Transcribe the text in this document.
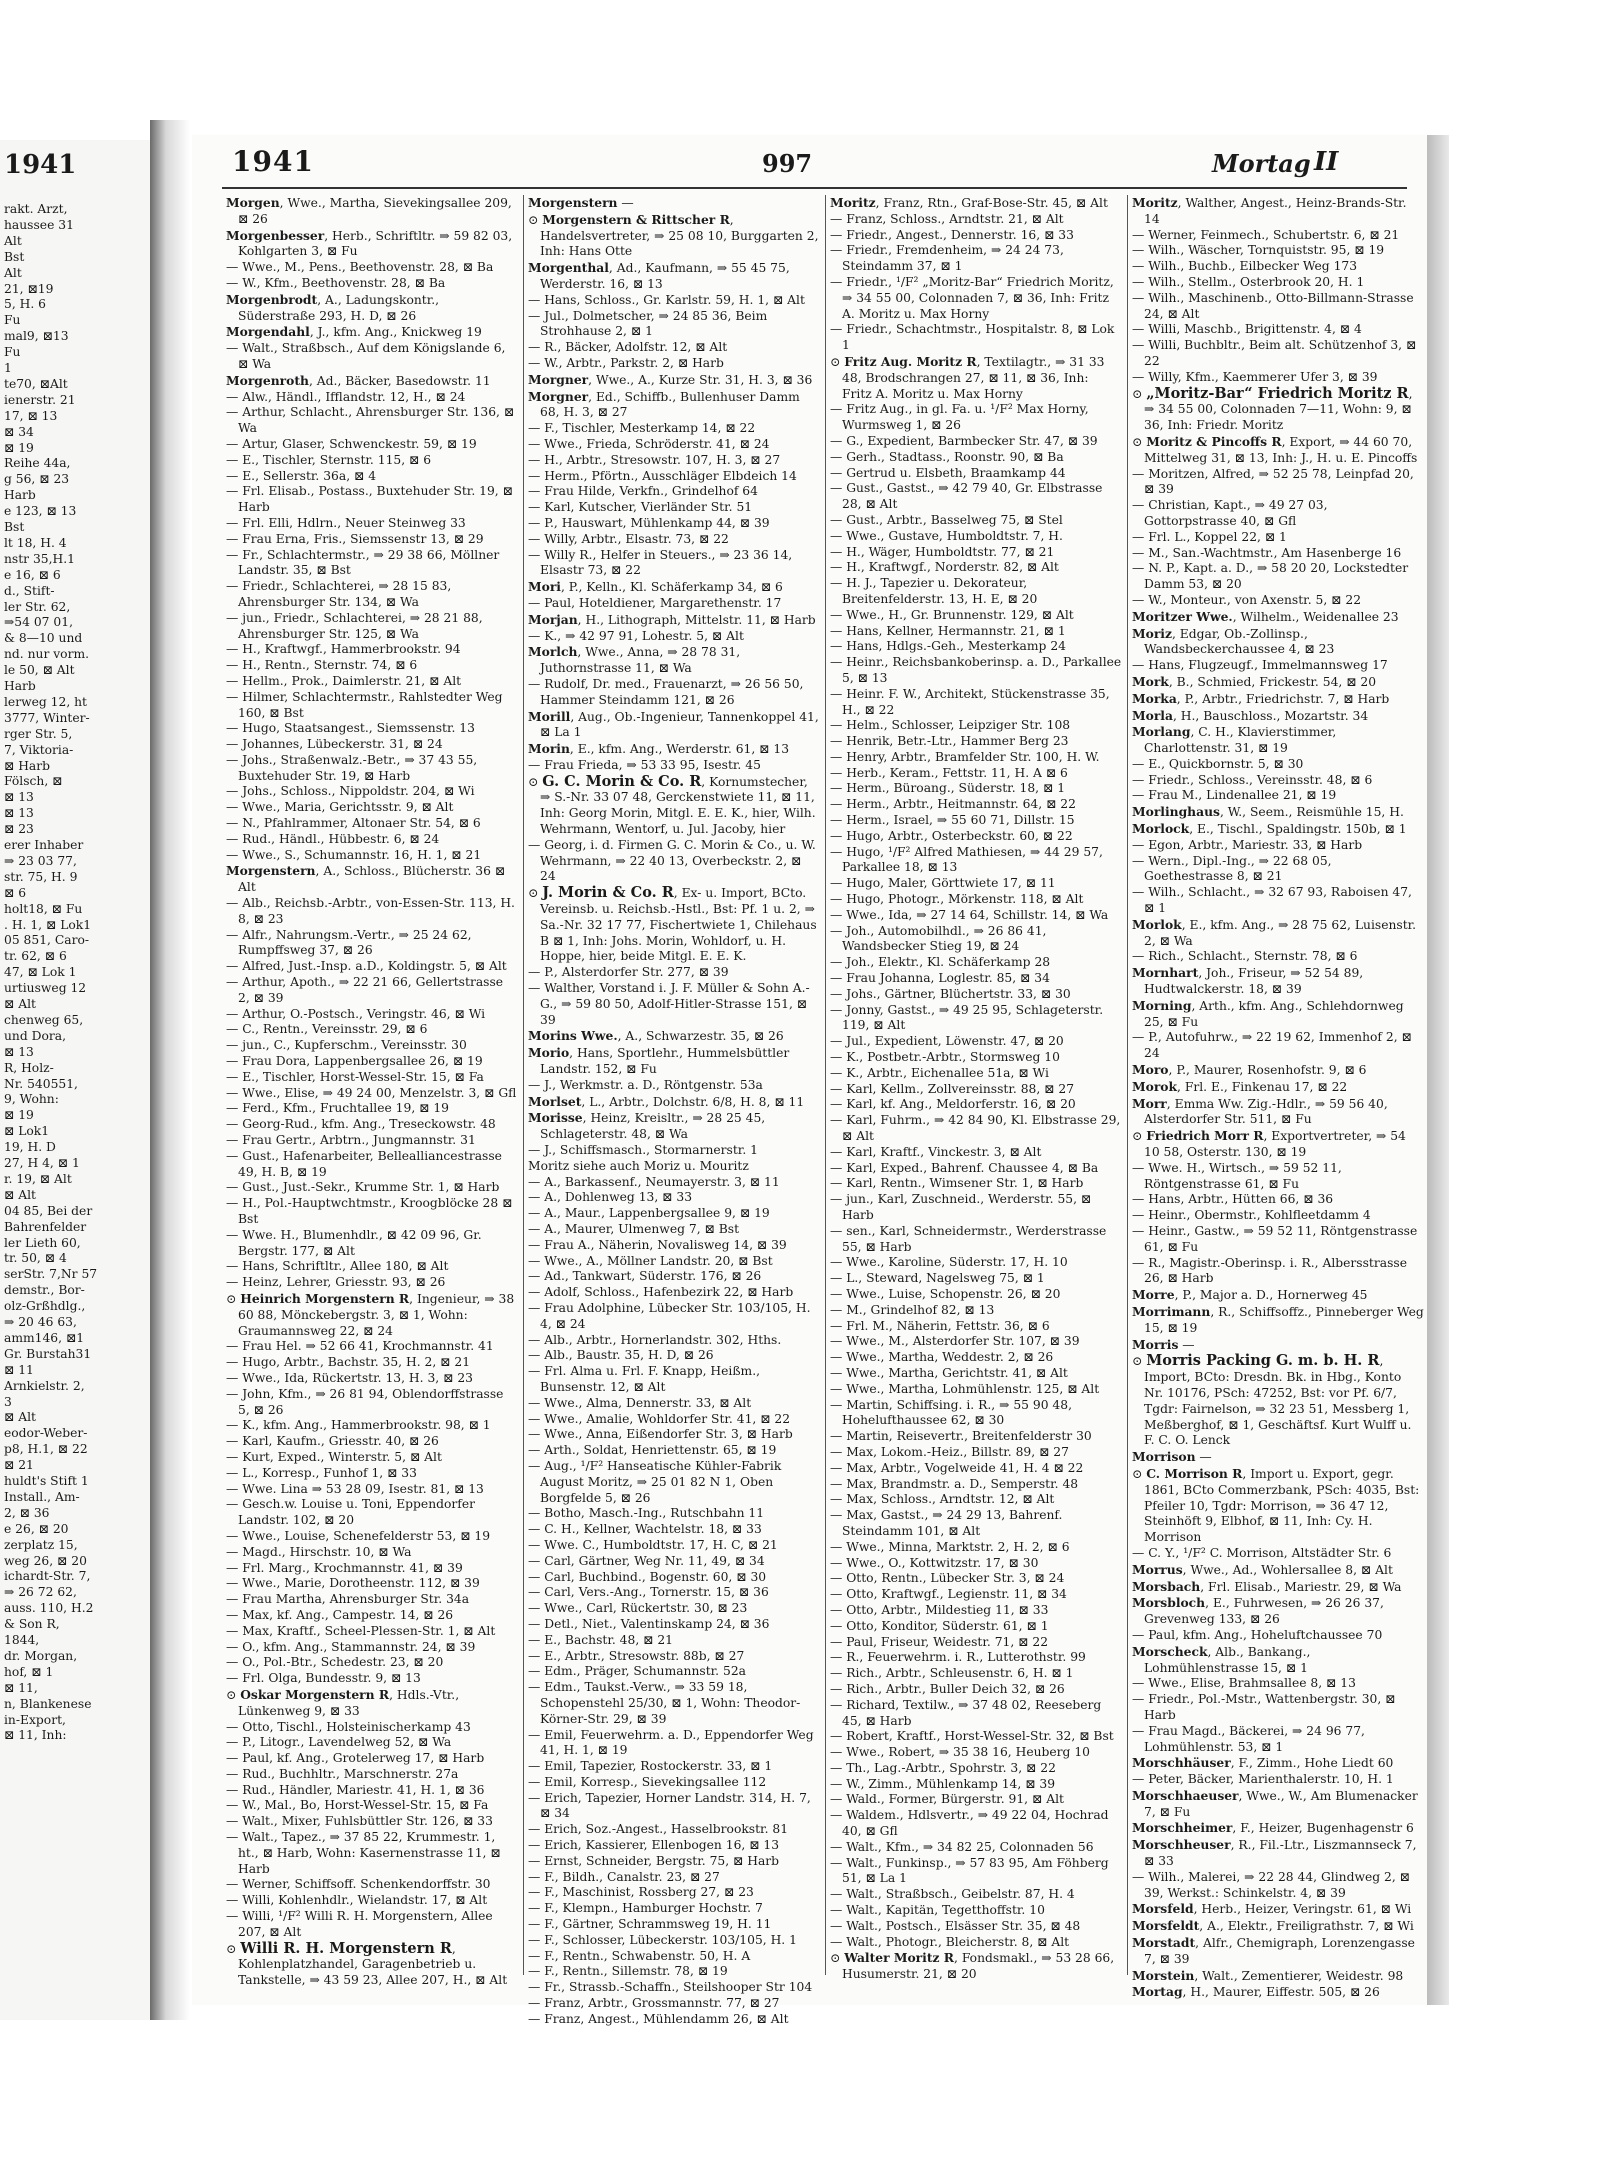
1941
rakt. Arzt,
haussee 31
Alt
Bst
Alt
21, ⊠19
5, H. 6
Fu
mal9, ⊠13
Fu
1
te70, ⊠Alt
ienerstr. 21
17, ⊠ 13
⊠ 34
⊠ 19
Reihe 44a,
g 56, ⊠ 23
Harb
e 123, ⊠ 13
Bst
lt 18, H. 4
nstr 35,H.1
e 16, ⊠ 6
d., Stift-
ler Str. 62,
⇒54 07 01,
& 8—10 und
nd. nur vorm.
le 50, ⊠ Alt
Harb
lerweg 12, ht
3777, Winter-
rger Str. 5,
7, Viktoria-
⊠ Harb
Fölsch, ⊠
⊠ 13
⊠ 13
⊠ 23
erer Inhaber
⇒ 23 03 77,
str. 75, H. 9
⊠ 6
holt18, ⊠ Fu
. H. 1, ⊠ Lok1
05 851, Caro-
tr. 62, ⊠ 6
47, ⊠ Lok 1
urtiusweg 12
⊠ Alt
chenweg 65,
und Dora,
⊠ 13
R, Holz-
Nr. 540551,
9, Wohn:
⊠ 19
⊠ Lok1
19, H. D
27, H 4, ⊠ 1
r. 19, ⊠ Alt
⊠ Alt
04 85, Bei der
Bahrenfelder
ler Lieth 60,
tr. 50, ⊠ 4
serStr. 7,Nr 57
demstr., Bor-
olz-Grßhdlg.,
⇒ 20 46 63,
amm146, ⊠1
Gr. Burstah31
⊠ 11
Arnkielstr. 2,
3
⊠ Alt
eodor-Weber-
p8, H.1, ⊠ 22
⊠ 21
huldt's Stift 1
Install., Am-
2, ⊠ 36
e 26, ⊠ 20
zerplatz 15,
weg 26, ⊠ 20
ichardt-Str. 7,
⇒ 26 72 62,
auss. 110, H.2
& Son R,
1844,
dr. Morgan,
hof, ⊠ 1
⊠ 11,
n, Blankenese
in-Export,
⊠ 11, Inh:
1941	997	Mortag II

Morgen, Wwe., Martha, Sievekingsallee 209, ⊠ 26

Morgenbesser, Herb., Schriftltr. ⇒ 59 82 03, Kohlgarten 3, ⊠ Fu

— Wwe., M., Pens., Beethovenstr. 28, ⊠ Ba

— W., Kfm., Beethovenstr. 28, ⊠ Ba

Morgenbrodt, A., Ladungskontr., Süderstraße 293, H. D, ⊠ 26

Morgendahl, J., kfm. Ang., Knickweg 19

— Walt., Straßbsch., Auf dem Königslande 6, ⊠ Wa

Morgenroth, Ad., Bäcker, Basedowstr. 11

— Alw., Händl., Ifflandstr. 12, H., ⊠ 24

— Arthur, Schlacht., Ahrensburger Str. 136, ⊠ Wa

— Artur, Glaser, Schwenckestr. 59, ⊠ 19

— E., Tischler, Sternstr. 115, ⊠ 6

— E., Sellerstr. 36a, ⊠ 4

— Frl. Elisab., Postass., Buxtehuder Str. 19, ⊠ Harb

— Frl. Elli, Hdlrn., Neuer Steinweg 33

— Frau Erna, Fris., Siemssenstr 13, ⊠ 29

— Fr., Schlachtermstr., ⇒ 29 38 66, Möllner Landstr. 35, ⊠ Bst

— Friedr., Schlachterei, ⇒ 28 15 83, Ahrensburger Str. 134, ⊠ Wa

— jun., Friedr., Schlachterei, ⇒ 28 21 88, Ahrensburger Str. 125, ⊠ Wa

— H., Kraftwgf., Hammerbrookstr. 94

— H., Rentn., Sternstr. 74, ⊠ 6

— Hellm., Prok., Daimlerstr. 21, ⊠ Alt

— Hilmer, Schlachtermstr., Rahlstedter Weg 160, ⊠ Bst

— Hugo, Staatsangest., Siemssenstr. 13

— Johannes, Lübeckerstr. 31, ⊠ 24

— Johs., Straßenwalz.-Betr., ⇒ 37 43 55, Buxtehuder Str. 19, ⊠ Harb

— Johs., Schloss., Nippoldstr. 204, ⊠ Wi

— Wwe., Maria, Gerichtsstr. 9, ⊠ Alt

— N., Pfahlrammer, Altonaer Str. 54, ⊠ 6

— Rud., Händl., Hübbestr. 6, ⊠ 24

— Wwe., S., Schumannstr. 16, H. 1, ⊠ 21

Morgenstern, A., Schloss., Blücherstr. 36 ⊠ Alt

— Alb., Reichsb.-Arbtr., von-Essen-Str. 113, H. 8, ⊠ 23

— Alfr., Nahrungsm.-Vertr., ⇒ 25 24 62, Rumpffsweg 37, ⊠ 26

— Alfred, Just.-Insp. a.D., Koldingstr. 5, ⊠ Alt

— Arthur, Apoth., ⇒ 22 21 66, Gellertstrasse 2, ⊠ 39

— Arthur, O.-Postsch., Veringstr. 46, ⊠ Wi

— C., Rentn., Vereinsstr. 29, ⊠ 6

— jun., C., Kupferschm., Vereinsstr. 30

— Frau Dora, Lappenbergsallee 26, ⊠ 19

— E., Tischler, Horst-Wessel-Str. 15, ⊠ Fa

— Wwe., Elise, ⇒ 49 24 00, Menzelstr. 3, ⊠ Gfl

— Ferd., Kfm., Fruchtallee 19, ⊠ 19

— Georg-Rud., kfm. Ang., Treseckowstr. 48

— Frau Gertr., Arbtrn., Jungmannstr. 31

— Gust., Hafenarbeiter, Bellealliancestrasse 49, H. B, ⊠ 19

— Gust., Just.-Sekr., Krumme Str. 1, ⊠ Harb

— H., Pol.-Hauptwchtmstr., Kroogblöcke 28 ⊠ Bst

— Wwe. H., Blumenhdlr., ⊠ 42 09 96, Gr. Bergstr. 177, ⊠ Alt

— Hans, Schriftltr., Allee 180, ⊠ Alt

— Heinz, Lehrer, Griesstr. 93, ⊠ 26

⊙ Heinrich Morgenstern R, Ingenieur, ⇒ 38 60 88, Mönckebergstr. 3, ⊠ 1, Wohn: Graumannsweg 22, ⊠ 24

— Frau Hel. ⇒ 52 66 41, Krochmannstr. 41

— Hugo, Arbtr., Bachstr. 35, H. 2, ⊠ 21

— Wwe., Ida, Rückertstr. 13, H. 3, ⊠ 23

— John, Kfm., ⇒ 26 81 94, Oblendorffstrasse 5, ⊠ 26

— K., kfm. Ang., Hammerbrookstr. 98, ⊠ 1

— Karl, Kaufm., Griesstr. 40, ⊠ 26

— Kurt, Exped., Winterstr. 5, ⊠ Alt

— L., Korresp., Funhof 1, ⊠ 33

— Wwe. Lina ⇒ 53 28 09, Isestr. 81, ⊠ 13

— Gesch.w. Louise u. Toni, Eppendorfer Landstr. 102, ⊠ 20

— Wwe., Louise, Schenefelderstr 53, ⊠ 19

— Magd., Hirschstr. 10, ⊠ Wa

— Frl. Marg., Krochmannstr. 41, ⊠ 39

— Wwe., Marie, Dorotheenstr. 112, ⊠ 39

— Frau Martha, Ahrensburger Str. 34a

— Max, kf. Ang., Campestr. 14, ⊠ 26

— Max, Kraftf., Scheel-Plessen-Str. 1, ⊠ Alt

— O., kfm. Ang., Stammannstr. 24, ⊠ 39

— O., Pol.-Btr., Schedestr. 23, ⊠ 20

— Frl. Olga, Bundesstr. 9, ⊠ 13

⊙ Oskar Morgenstern R, Hdls.-Vtr., Lünkenweg 9, ⊠ 33

— Otto, Tischl., Holsteinischerkamp 43

— P., Litogr., Lavendelweg 52, ⊠ Wa

— Paul, kf. Ang., Grotelerweg 17, ⊠ Harb

— Rud., Buchhltr., Marschnerstr. 27a

— Rud., Händler, Mariestr. 41, H. 1, ⊠ 36

— W., Mal., Bo, Horst-Wessel-Str. 15, ⊠ Fa

— Walt., Mixer, Fuhlsbüttler Str. 126, ⊠ 33

— Walt., Tapez., ⇒ 37 85 22, Krummestr. 1, ht., ⊠ Harb, Wohn: Kasernenstrasse 11, ⊠ Harb

— Werner, Schiffsoff. Schenkendorffstr. 30

— Willi, Kohlenhdlr., Wielandstr. 17, ⊠ Alt

— Willi, ¹/F² Willi R. H. Morgenstern, Allee 207, ⊠ Alt

⊙ Willi R. H. Morgenstern R, Kohlenplatzhandel, Garagenbetrieb u. Tankstelle, ⇒ 43 59 23, Allee 207, H., ⊠ Alt

Morgenstern —

⊙ Morgenstern & Rittscher R, Handelsvertreter, ⇒ 25 08 10, Burggarten 2, Inh: Hans Otte

Morgenthal, Ad., Kaufmann, ⇒ 55 45 75, Werderstr. 16, ⊠ 13

— Hans, Schloss., Gr. Karlstr. 59, H. 1, ⊠ Alt

— Jul., Dolmetscher, ⇒ 24 85 36, Beim Strohhause 2, ⊠ 1

— R., Bäcker, Adolfstr. 12, ⊠ Alt

— W., Arbtr., Parkstr. 2, ⊠ Harb

Morgner, Wwe., A., Kurze Str. 31, H. 3, ⊠ 36

Morgner, Ed., Schiffb., Bullenhuser Damm 68, H. 3, ⊠ 27

— F., Tischler, Mesterkamp 14, ⊠ 22

— Wwe., Frieda, Schröderstr. 41, ⊠ 24

— H., Arbtr., Stresowstr. 107, H. 3, ⊠ 27

— Herm., Pförtn., Ausschläger Elbdeich 14

— Frau Hilde, Verkfn., Grindelhof 64

— Karl, Kutscher, Vierländer Str. 51

— P., Hauswart, Mühlenkamp 44, ⊠ 39

— Willy, Arbtr., Elsastr. 73, ⊠ 22

— Willy R., Helfer in Steuers., ⇒ 23 36 14, Elsastr 73, ⊠ 22

Mori, P., Kelln., Kl. Schäferkamp 34, ⊠ 6

— Paul, Hoteldiener, Margarethenstr. 17

Morjan, H., Lithograph, Mittelstr. 11, ⊠ Harb

— K., ⇒ 42 97 91, Lohestr. 5, ⊠ Alt

Morlch, Wwe., Anna, ⇒ 28 78 31, Juthornstrasse 11, ⊠ Wa

— Rudolf, Dr. med., Frauenarzt, ⇒ 26 56 50, Hammer Steindamm 121, ⊠ 26

Morill, Aug., Ob.-Ingenieur, Tannenkoppel 41, ⊠ La 1

Morin, E., kfm. Ang., Werderstr. 61, ⊠ 13

— Frau Frieda, ⇒ 53 33 95, Isestr. 45

⊙ G. C. Morin & Co. R, Kornumstecher, ⇒ S.-Nr. 33 07 48, Gerckenstwiete 11, ⊠ 11, Inh: Georg Morin, Mitgl. E. E. K., hier, Wilh. Wehrmann, Wentorf, u. Jul. Jacoby, hier

— Georg, i. d. Firmen G. C. Morin & Co., u. W. Wehrmann, ⇒ 22 40 13, Overbeckstr. 2, ⊠ 24

⊙ J. Morin & Co. R, Ex- u. Import, BCto. Vereinsb. u. Reichsb.-Hstl., Bst: Pf. 1 u. 2, ⇒ Sa.-Nr. 32 17 77, Fischertwiete 1, Chilehaus B ⊠ 1, Inh: Johs. Morin, Wohldorf, u. H. Hoppe, hier, beide Mitgl. E. E. K.

— P., Alsterdorfer Str. 277, ⊠ 39

— Walther, Vorstand i. J. F. Müller & Sohn A.-G., ⇒ 59 80 50, Adolf-Hitler-Strasse 151, ⊠ 39

Morins Wwe., A., Schwarzestr. 35, ⊠ 26

Morio, Hans, Sportlehr., Hummelsbüttler Landstr. 152, ⊠ Fu

— J., Werkmstr. a. D., Röntgenstr. 53a

Morlset, L., Arbtr., Dolchstr. 6/8, H. 8, ⊠ 11

Morisse, Heinz, Kreisltr., ⇒ 28 25 45, Schlageterstr. 48, ⊠ Wa

— J., Schiffsmasch., Stormarnerstr. 1

Moritz siehe auch Moriz u. Mouritz

— A., Barkassenf., Neumayerstr. 3, ⊠ 11

— A., Dohlenweg 13, ⊠ 33

— A., Maur., Lappenbergsallee 9, ⊠ 19

— A., Maurer, Ulmenweg 7, ⊠ Bst

— Frau A., Näherin, Novalisweg 14, ⊠ 39

— Wwe., A., Möllner Landstr. 20, ⊠ Bst

— Ad., Tankwart, Süderstr. 176, ⊠ 26

— Adolf, Schloss., Hafenbezirk 22, ⊠ Harb

— Frau Adolphine, Lübecker Str. 103/105, H. 4, ⊠ 24

— Alb., Arbtr., Hornerlandstr. 302, Hths.

— Alb., Baustr. 35, H. D, ⊠ 26

— Frl. Alma u. Frl. F. Knapp, Heißm., Bunsenstr. 12, ⊠ Alt

— Wwe., Alma, Dennerstr. 33, ⊠ Alt

— Wwe., Amalie, Wohldorfer Str. 41, ⊠ 22

— Wwe., Anna, Eißendorfer Str. 3, ⊠ Harb

— Arth., Soldat, Henriettenstr. 65, ⊠ 19

— Aug., ¹/F² Hanseatische Kühler-Fabrik August Moritz, ⇒ 25 01 82 N 1, Oben Borgfelde 5, ⊠ 26

— Botho, Masch.-Ing., Rutschbahn 11

— C. H., Kellner, Wachtelstr. 18, ⊠ 33

— Wwe. C., Humboldtstr. 17, H. C, ⊠ 21

— Carl, Gärtner, Weg Nr. 11, 49, ⊠ 34

— Carl, Buchbind., Bogenstr. 60, ⊠ 30

— Carl, Vers.-Ang., Tornerstr. 15, ⊠ 36

— Wwe., Carl, Rückertstr. 30, ⊠ 23

— Detl., Niet., Valentinskamp 24, ⊠ 36

— E., Bachstr. 48, ⊠ 21

— E., Arbtr., Stresowstr. 88b, ⊠ 27

— Edm., Präger, Schumannstr. 52a

— Edm., Taukst.-Verw., ⇒ 33 59 18, Schopenstehl 25/30, ⊠ 1, Wohn: Theodor-Körner-Str. 29, ⊠ 39

— Emil, Feuerwehrm. a. D., Eppendorfer Weg 41, H. 1, ⊠ 19

— Emil, Tapezier, Rostockerstr. 33, ⊠ 1

— Emil, Korresp., Sievekingsallee 112

— Erich, Tapezier, Horner Landstr. 314, H. 7, ⊠ 34

— Erich, Soz.-Angest., Hasselbrookstr. 81

— Erich, Kassierer, Ellenbogen 16, ⊠ 13

— Ernst, Schneider, Bergstr. 75, ⊠ Harb

— F., Bildh., Canalstr. 23, ⊠ 27

— F., Maschinist, Rossberg 27, ⊠ 23

— F., Klempn., Hamburger Hochstr. 7

— F., Gärtner, Schrammsweg 19, H. 11

— F., Schlosser, Lübeckerstr. 103/105, H. 1

— F., Rentn., Schwabenstr. 50, H. A

— F., Rentn., Sillemstr. 78, ⊠ 19

— Fr., Strassb.-Schaffn., Steilshooper Str 104

— Franz, Arbtr., Grossmannstr. 77, ⊠ 27

— Franz, Angest., Mühlendamm 26, ⊠ Alt

Moritz, Franz, Rtn., Graf-Bose-Str. 45, ⊠ Alt

— Franz, Schloss., Arndtstr. 21, ⊠ Alt

— Friedr., Angest., Dennerstr. 16, ⊠ 33

— Friedr., Fremdenheim, ⇒ 24 24 73, Steindamm 37, ⊠ 1

— Friedr., ¹/F² „Moritz-Bar“ Friedrich Moritz, ⇒ 34 55 00, Colonnaden 7, ⊠ 36, Inh: Fritz A. Moritz u. Max Horny

— Friedr., Schachtmstr., Hospitalstr. 8, ⊠ Lok 1

⊙ Fritz Aug. Moritz R, Textilagtr., ⇒ 31 33 48, Brodschrangen 27, ⊠ 11, ⊠ 36, Inh: Fritz A. Moritz u. Max Horny

— Fritz Aug., in gl. Fa. u. ¹/F² Max Horny, Wurmsweg 1, ⊠ 26

— G., Expedient, Barmbecker Str. 47, ⊠ 39

— Gerh., Stadtass., Roonstr. 90, ⊠ Ba

— Gertrud u. Elsbeth, Braamkamp 44

— Gust., Gastst., ⇒ 42 79 40, Gr. Elbstrasse 28, ⊠ Alt

— Gust., Arbtr., Basselweg 75, ⊠ Stel

— Wwe., Gustave, Humboldtstr. 7, H.

— H., Wäger, Humboldtstr. 77, ⊠ 21

— H., Kraftwgf., Norderstr. 82, ⊠ Alt

— H. J., Tapezier u. Dekorateur, Breitenfelderstr. 13, H. E, ⊠ 20

— Wwe., H., Gr. Brunnenstr. 129, ⊠ Alt

— Hans, Kellner, Hermannstr. 21, ⊠ 1

— Hans, Hdlgs.-Geh., Mesterkamp 24

— Heinr., Reichsbankoberinsp. a. D., Parkallee 5, ⊠ 13

— Heinr. F. W., Architekt, Stückenstrasse 35, H., ⊠ 22

— Helm., Schlosser, Leipziger Str. 108

— Henrik, Betr.-Ltr., Hammer Berg 23

— Henry, Arbtr., Bramfelder Str. 100, H. W.

— Herb., Keram., Fettstr. 11, H. A ⊠ 6

— Herm., Büroang., Süderstr. 18, ⊠ 1

— Herm., Arbtr., Heitmannstr. 64, ⊠ 22

— Herm., Israel, ⇒ 55 60 71, Dillstr. 15

— Hugo, Arbtr., Osterbeckstr. 60, ⊠ 22

— Hugo, ¹/F² Alfred Mathiesen, ⇒ 44 29 57, Parkallee 18, ⊠ 13

— Hugo, Maler, Görttwiete 17, ⊠ 11

— Hugo, Photogr., Mörkenstr. 118, ⊠ Alt

— Wwe., Ida, ⇒ 27 14 64, Schillstr. 14, ⊠ Wa

— Joh., Automobilhdl., ⇒ 26 86 41, Wandsbecker Stieg 19, ⊠ 24

— Joh., Elektr., Kl. Schäferkamp 28

— Frau Johanna, Loglestr. 85, ⊠ 34

— Johs., Gärtner, Blüchertstr. 33, ⊠ 30

— Jonny, Gastst., ⇒ 49 25 95, Schlageterstr. 119, ⊠ Alt

— Jul., Expedient, Löwenstr. 47, ⊠ 20

— K., Postbetr.-Arbtr., Stormsweg 10

— K., Arbtr., Eichenallee 51a, ⊠ Wi

— Karl, Kellm., Zollvereinsstr. 88, ⊠ 27

— Karl, kf. Ang., Meldorferstr. 16, ⊠ 20

— Karl, Fuhrm., ⇒ 42 84 90, Kl. Elbstrasse 29, ⊠ Alt

— Karl, Kraftf., Vinckestr. 3, ⊠ Alt

— Karl, Exped., Bahrenf. Chaussee 4, ⊠ Ba

— Karl, Rentn., Wimsener Str. 1, ⊠ Harb

— jun., Karl, Zuschneid., Werderstr. 55, ⊠ Harb

— sen., Karl, Schneidermstr., Werderstrasse 55, ⊠ Harb

— Wwe., Karoline, Süderstr. 17, H. 10

— L., Steward, Nagelsweg 75, ⊠ 1

— Wwe., Luise, Schopenstr. 26, ⊠ 20

— M., Grindelhof 82, ⊠ 13

— Frl. M., Näherin, Fettstr. 36, ⊠ 6

— Wwe., M., Alsterdorfer Str. 107, ⊠ 39

— Wwe., Martha, Weddestr. 2, ⊠ 26

— Wwe., Martha, Gerichtstr. 41, ⊠ Alt

— Wwe., Martha, Lohmühlenstr. 125, ⊠ Alt

— Martin, Schiffsing. i. R., ⇒ 55 90 48, Hohelufthaussee 62, ⊠ 30

— Martin, Reisevertr., Breitenfelderstr 30

— Max, Lokom.-Heiz., Billstr. 89, ⊠ 27

— Max, Arbtr., Vogelweide 41, H. 4 ⊠ 22

— Max, Brandmstr. a. D., Semperstr. 48

— Max, Schloss., Arndtstr. 12, ⊠ Alt

— Max, Gastst., ⇒ 24 29 13, Bahrenf. Steindamm 101, ⊠ Alt

— Wwe., Minna, Marktstr. 2, H. 2, ⊠ 6

— Wwe., O., Kottwitzstr. 17, ⊠ 30

— Otto, Rentn., Lübecker Str. 3, ⊠ 24

— Otto, Kraftwgf., Legienstr. 11, ⊠ 34

— Otto, Arbtr., Mildestieg 11, ⊠ 33

— Otto, Konditor, Süderstr. 61, ⊠ 1

— Paul, Friseur, Weidestr. 71, ⊠ 22

— R., Feuerwehrm. i. R., Lutterothstr. 99

— Rich., Arbtr., Schleusenstr. 6, H. ⊠ 1

— Rich., Arbtr., Buller Deich 32, ⊠ 26

— Richard, Textilw., ⇒ 37 48 02, Reeseberg 45, ⊠ Harb

— Robert, Kraftf., Horst-Wessel-Str. 32, ⊠ Bst

— Wwe., Robert, ⇒ 35 38 16, Heuberg 10

— Th., Lag.-Arbtr., Spohrstr. 3, ⊠ 22

— W., Zimm., Mühlenkamp 14, ⊠ 39

— Wald., Former, Bürgerstr. 91, ⊠ Alt

— Waldem., Hdlsvertr., ⇒ 49 22 04, Hochrad 40, ⊠ Gfl

— Walt., Kfm., ⇒ 34 82 25, Colonnaden 56

— Walt., Funkinsp., ⇒ 57 83 95, Am Föhberg 51, ⊠ La 1

— Walt., Straßbsch., Geibelstr. 87, H. 4

— Walt., Kapitän, Tegetthoffstr. 10

— Walt., Postsch., Elsässer Str. 35, ⊠ 48

— Walt., Photogr., Bleicherstr. 8, ⊠ Alt

⊙ Walter Moritz R, Fondsmakl., ⇒ 53 28 66, Husumerstr. 21, ⊠ 20

Moritz, Walther, Angest., Heinz-Brands-Str. 14

— Werner, Feinmech., Schubertstr. 6, ⊠ 21

— Wilh., Wäscher, Tornquiststr. 95, ⊠ 19

— Wilh., Buchb., Eilbecker Weg 173

— Wilh., Stellm., Osterbrook 20, H. 1

— Wilh., Maschinenb., Otto-Billmann-Strasse 24, ⊠ Alt

— Willi, Maschb., Brigittenstr. 4, ⊠ 4

— Willi, Buchbltr., Beim alt. Schützenhof 3, ⊠ 22

— Willy, Kfm., Kaemmerer Ufer 3, ⊠ 39

⊙ „Moritz-Bar“ Friedrich Moritz R, ⇒ 34 55 00, Colonnaden 7—11, Wohn: 9, ⊠ 36, Inh: Friedr. Moritz

⊙ Moritz & Pincoffs R, Export, ⇒ 44 60 70, Mittelweg 31, ⊠ 13, Inh: J., H. u. E. Pincoffs

— Moritzen, Alfred, ⇒ 52 25 78, Leinpfad 20, ⊠ 39

— Christian, Kapt., ⇒ 49 27 03, Gottorpstrasse 40, ⊠ Gfl

— Frl. L., Koppel 22, ⊠ 1

— M., San.-Wachtmstr., Am Hasenberge 16

— N. P., Kapt. a. D., ⇒ 58 20 20, Lockstedter Damm 53, ⊠ 20

— W., Monteur., von Axenstr. 5, ⊠ 22

Moritzer Wwe., Wilhelm., Weidenallee 23

Moriz, Edgar, Ob.-Zollinsp., Wandsbeckerchaussee 4, ⊠ 23

— Hans, Flugzeugf., Immelmannsweg 17

Mork, B., Schmied, Frickestr. 54, ⊠ 20

Morka, P., Arbtr., Friedrichstr. 7, ⊠ Harb

Morla, H., Bauschloss., Mozartstr. 34

Morlang, C. H., Klavierstimmer, Charlottenstr. 31, ⊠ 19

— E., Quickbornstr. 5, ⊠ 30

— Friedr., Schloss., Vereinsstr. 48, ⊠ 6

— Frau M., Lindenallee 21, ⊠ 19

Morlinghaus, W., Seem., Reismühle 15, H.

Morlock, E., Tischl., Spaldingstr. 150b, ⊠ 1

— Egon, Arbtr., Mariestr. 33, ⊠ Harb

— Wern., Dipl.-Ing., ⇒ 22 68 05, Goethestrasse 8, ⊠ 21

— Wilh., Schlacht., ⇒ 32 67 93, Raboisen 47, ⊠ 1

Morlok, E., kfm. Ang., ⇒ 28 75 62, Luisenstr. 2, ⊠ Wa

— Rich., Schlacht., Sternstr. 78, ⊠ 6

Mornhart, Joh., Friseur, ⇒ 52 54 89, Hudtwalckerstr. 18, ⊠ 39

Morning, Arth., kfm. Ang., Schlehdornweg 25, ⊠ Fu

— P., Autofuhrw., ⇒ 22 19 62, Immenhof 2, ⊠ 24

Moro, P., Maurer, Rosenhofstr. 9, ⊠ 6

Morok, Frl. E., Finkenau 17, ⊠ 22

Morr, Emma Ww. Zig.-Hdlr., ⇒ 59 56 40, Alsterdorfer Str. 511, ⊠ Fu

⊙ Friedrich Morr R, Exportvertreter, ⇒ 54 10 58, Osterstr. 130, ⊠ 19

— Wwe. H., Wirtsch., ⇒ 59 52 11, Röntgenstrasse 61, ⊠ Fu

— Hans, Arbtr., Hütten 66, ⊠ 36

— Heinr., Obermstr., Kohlfleetdamm 4

— Heinr., Gastw., ⇒ 59 52 11, Röntgenstrasse 61, ⊠ Fu

— R., Magistr.-Oberinsp. i. R., Albersstrasse 26, ⊠ Harb

Morre, P., Major a. D., Hornerweg 45

Morrimann, R., Schiffsoffz., Pinneberger Weg 15, ⊠ 19

Morris —

⊙ Morris Packing G. m. b. H. R, Import, BCto: Dresdn. Bk. in Hbg., Konto Nr. 10176, PSch: 47252, Bst: vor Pf. 6/7, Tgdr: Fairnelson, ⇒ 32 23 51, Messberg 1, Meßberghof, ⊠ 1, Geschäftsf. Kurt Wulff u. F. C. O. Lenck

Morrison —

⊙ C. Morrison R, Import u. Export, gegr. 1861, BCto Commerzbank, PSch: 4035, Bst: Pfeiler 10, Tgdr: Morrison, ⇒ 36 47 12, Steinhöft 9, Elbhof, ⊠ 11, Inh: Cy. H. Morrison

— C. Y., ¹/F² C. Morrison, Altstädter Str. 6

Morrus, Wwe., Ad., Wohlersallee 8, ⊠ Alt

Morsbach, Frl. Elisab., Mariestr. 29, ⊠ Wa

Morsbloch, E., Fuhrwesen, ⇒ 26 26 37, Grevenweg 133, ⊠ 26

— Paul, kfm. Ang., Hoheluftchaussee 70

Morscheck, Alb., Bankang., Lohmühlenstrasse 15, ⊠ 1

— Wwe., Elise, Brahmsallee 8, ⊠ 13

— Friedr., Pol.-Mstr., Wattenbergstr. 30, ⊠ Harb

— Frau Magd., Bäckerei, ⇒ 24 96 77, Lohmühlenstr. 53, ⊠ 1

Morschhäuser, F., Zimm., Hohe Liedt 60

— Peter, Bäcker, Marienthalerstr. 10, H. 1

Morschhaeuser, Wwe., W., Am Blumenacker 7, ⊠ Fu

Morschheimer, F., Heizer, Bugenhagenstr 6

Morschheuser, R., Fil.-Ltr., Liszmannseck 7, ⊠ 33

— Wilh., Malerei, ⇒ 22 28 44, Glindweg 2, ⊠ 39, Werkst.: Schinkelstr. 4, ⊠ 39

Morsfeld, Herb., Heizer, Veringstr. 61, ⊠ Wi

Morsfeldt, A., Elektr., Freiligrathstr. 7, ⊠ Wi

Morstadt, Alfr., Chemigraph, Lorenzengasse 7, ⊠ 39

Morstein, Walt., Zementierer, Weidestr. 98

Mortag, H., Maurer, Eiffestr. 505, ⊠ 26
